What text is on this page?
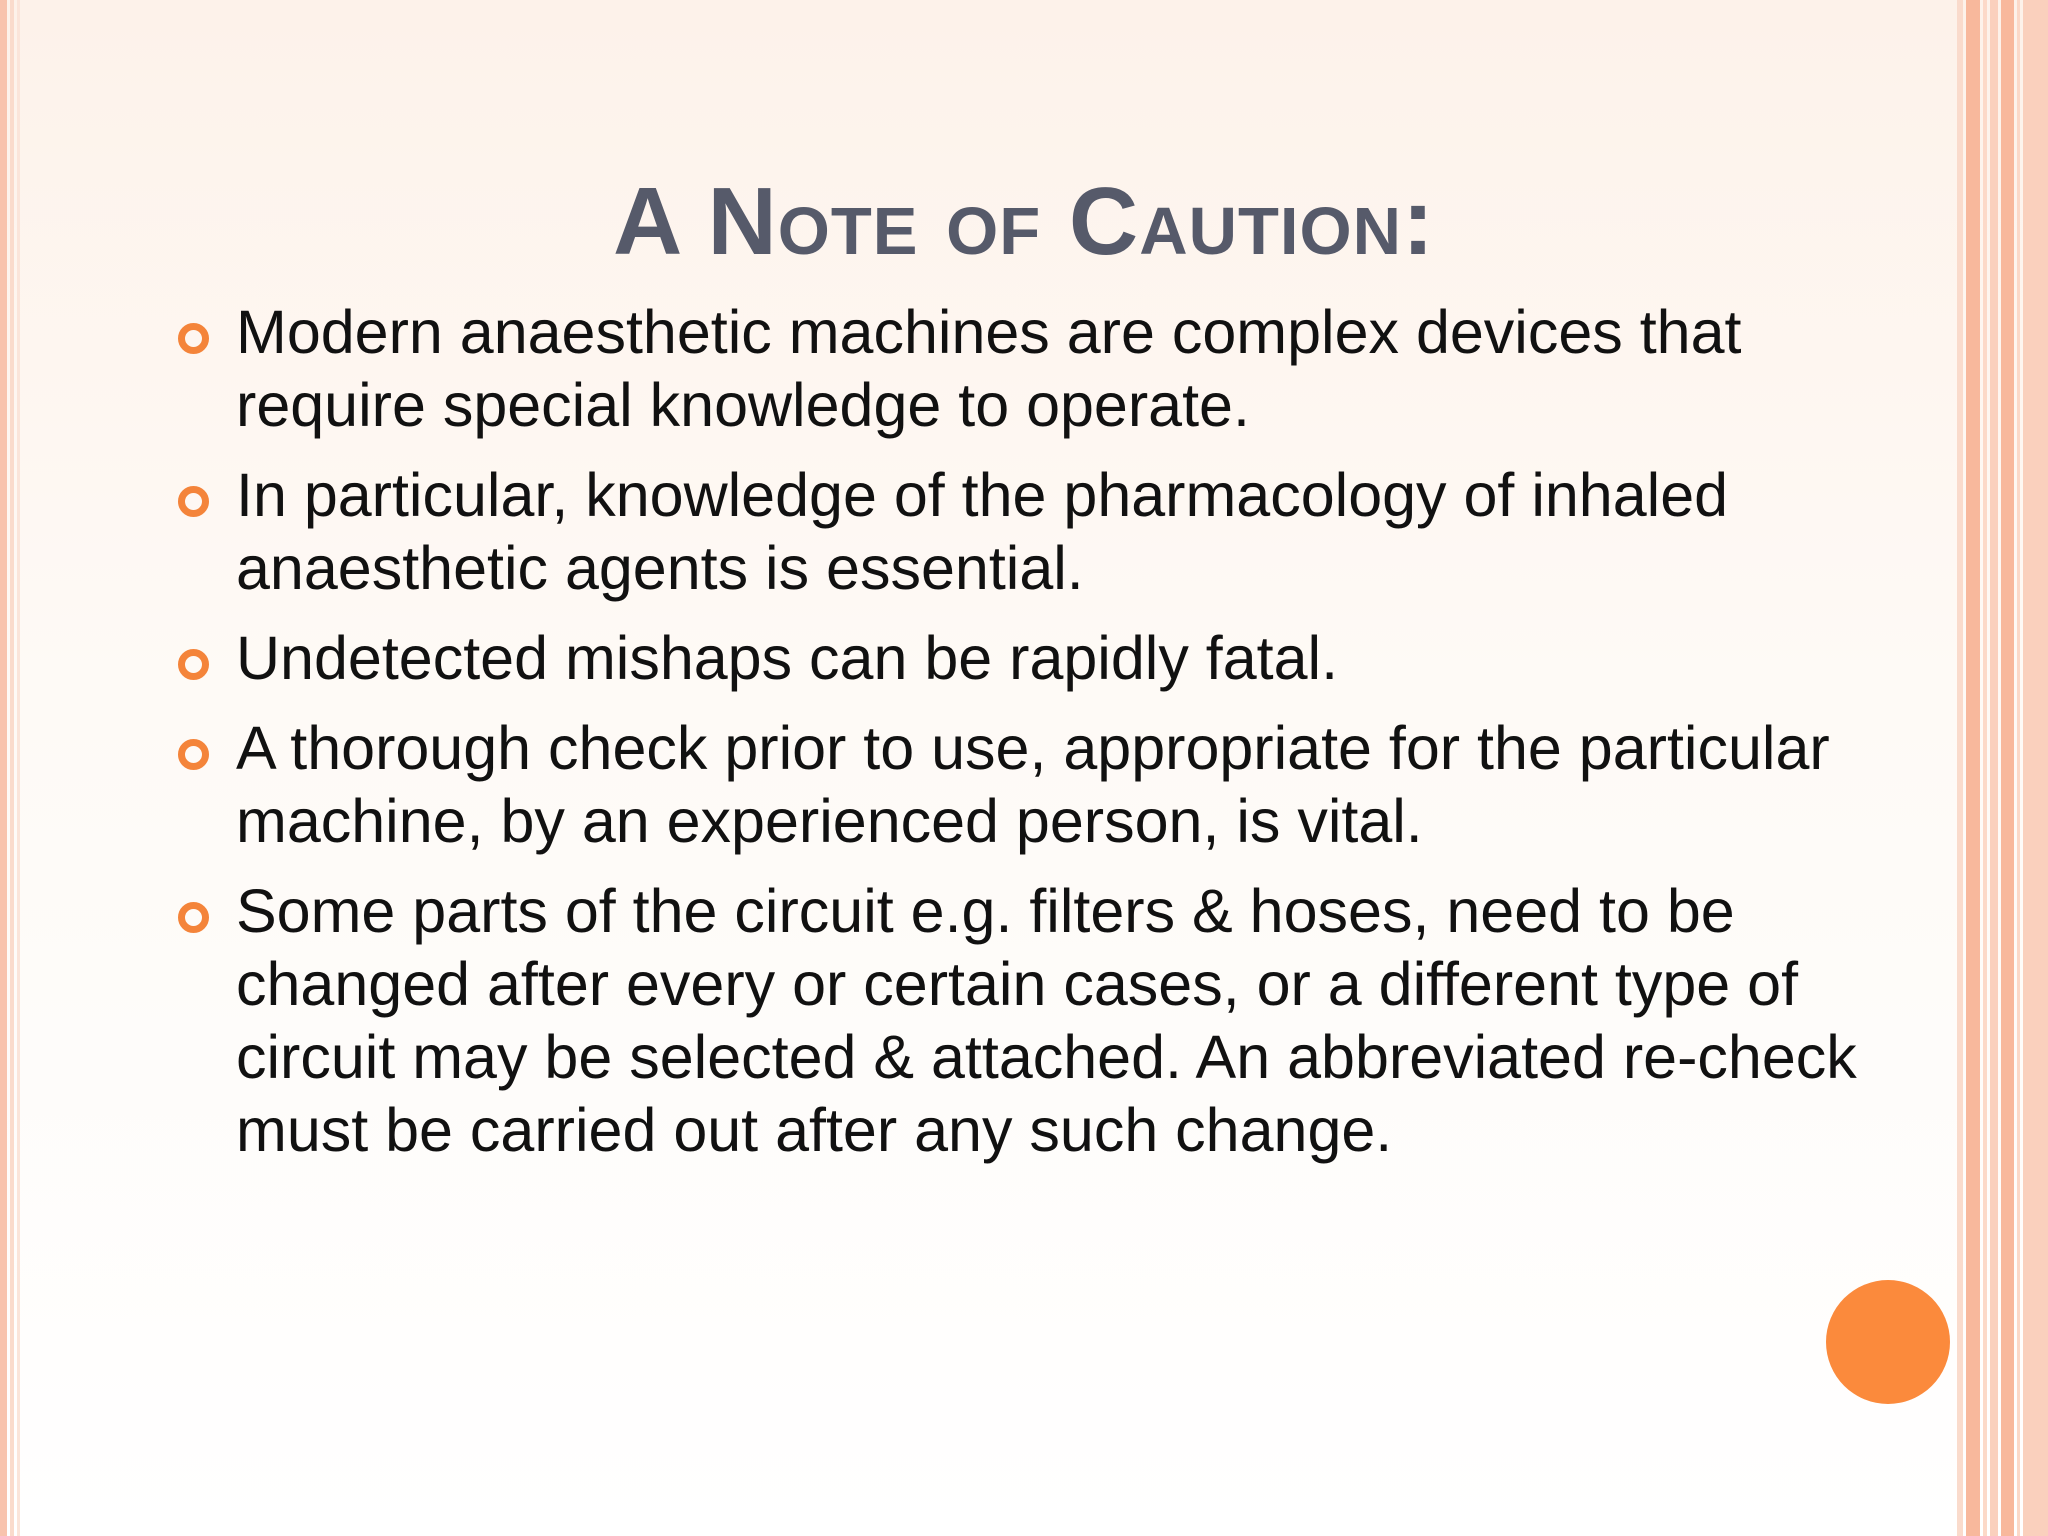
A Note of Caution:
Modern anaesthetic machines are complex devices that require special knowledge to operate.
In particular, knowledge of the pharmacology of inhaled anaesthetic agents is essential.
Undetected mishaps can be rapidly fatal.
A thorough check prior to use, appropriate for the particular machine, by an experienced person, is vital.
Some parts of the circuit e.g. filters & hoses, need to be changed after every or certain cases, or a different type of circuit may be selected & attached. An abbreviated re-check must be carried out after any such change.
